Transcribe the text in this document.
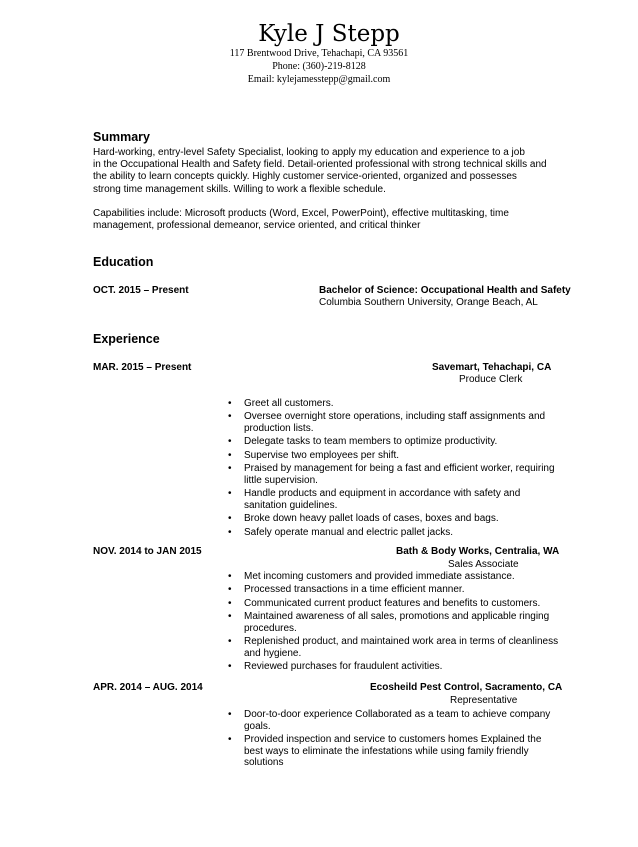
Kyle J Stepp
117 Brentwood Drive, Tehachapi, CA 93561
Phone: (360)-219-8128
Email: kylejamesstepp@gmail.com
Summary
Hard-working, entry-level Safety Specialist, looking to apply my education and experience to a job
in the Occupational Health and Safety field. Detail-oriented professional with strong technical skills and
the ability to learn concepts quickly. Highly customer service-oriented, organized and possesses
strong time management skills. Willing to work a flexible schedule.
Capabilities include: Microsoft products (Word, Excel, PowerPoint), effective multitasking, time
management, professional demeanor, service oriented, and critical thinker
Education
OCT. 2015 – Present	Bachelor of Science: Occupational Health and Safety
Columbia Southern University, Orange Beach, AL
Experience
MAR. 2015 – Present	Savemart, Tehachapi, CA
Produce Clerk
• Greet all customers.
• Oversee overnight store operations, including staff assignments and production lists.
• Delegate tasks to team members to optimize productivity.
• Supervise two employees per shift.
• Praised by management for being a fast and efficient worker, requiring little supervision.
• Handle products and equipment in accordance with safety and sanitation guidelines.
• Broke down heavy pallet loads of cases, boxes and bags.
• Safely operate manual and electric pallet jacks.
NOV. 2014 to JAN 2015	Bath & Body Works, Centralia, WA
Sales Associate
• Met incoming customers and provided immediate assistance.
• Processed transactions in a time efficient manner.
• Communicated current product features and benefits to customers.
• Maintained awareness of all sales, promotions and applicable ringing procedures.
• Replenished product, and maintained work area in terms of cleanliness and hygiene.
• Reviewed purchases for fraudulent activities.
APR. 2014 – AUG. 2014	Ecosheild Pest Control, Sacramento, CA
Representative
• Door-to-door experience Collaborated as a team to achieve company goals.
• Provided inspection and service to customers homes Explained the best ways to eliminate the infestations while using family friendly solutions
